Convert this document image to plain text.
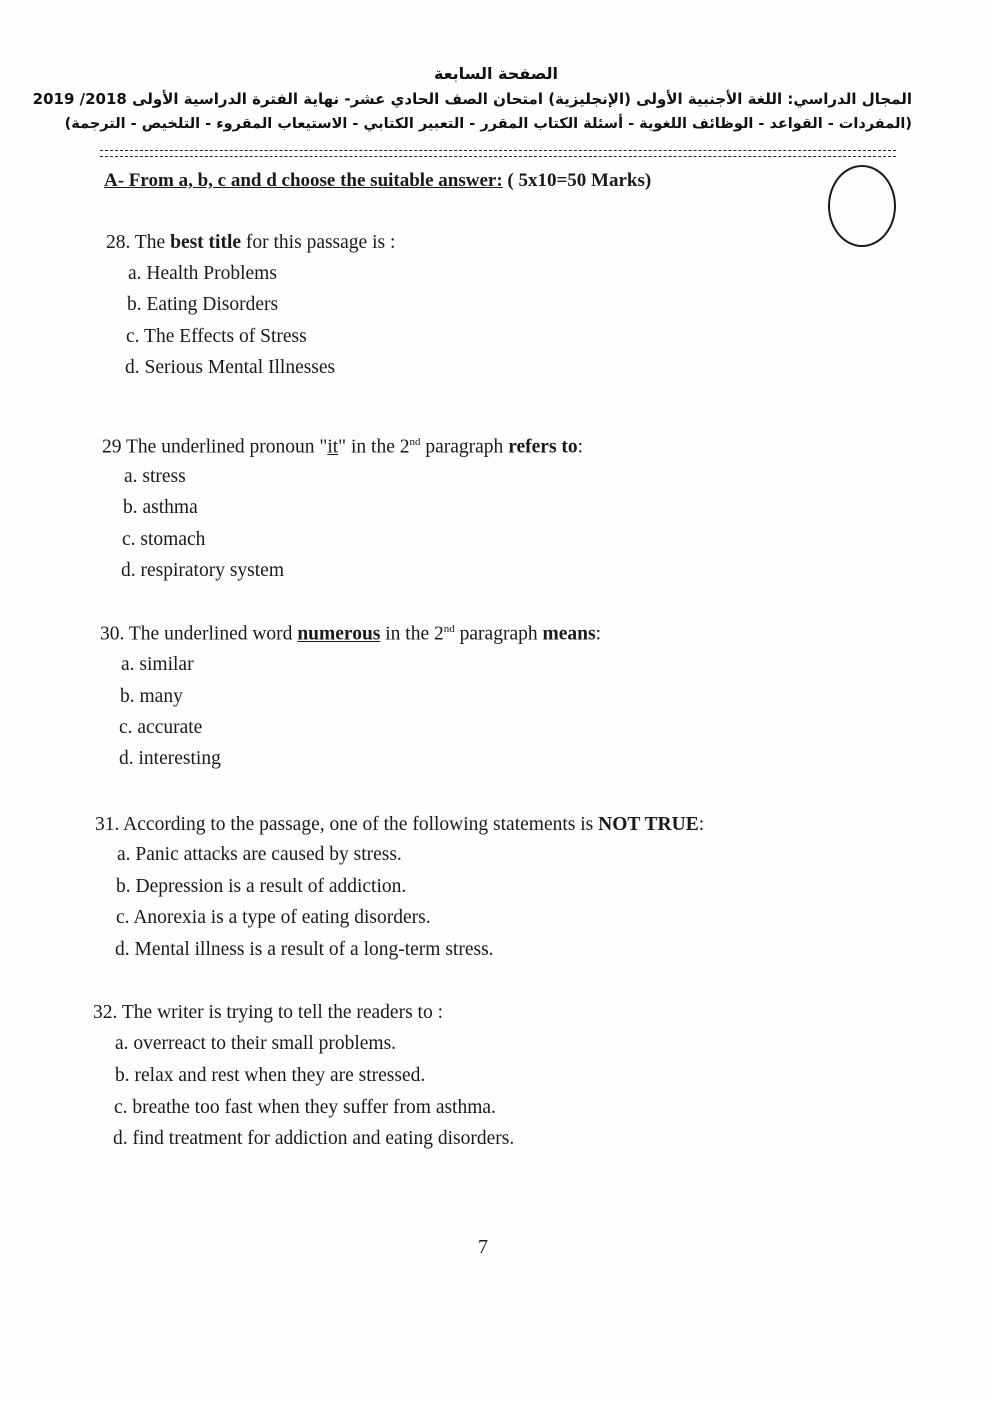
الصفحة السابعة
المجال الدراسي: اللغة الأجنبية الأولى (الإنجليزية) امتحان الصف الحادي عشر- نهاية الفترة الدراسية الأولى 2018/ 2019
(المفردات - القواعد - الوظائف اللغوية - أسئلة الكتاب المقرر - التعبير الكتابي - الاستيعاب المقروء - التلخيص - الترجمة)
A- From a, b, c and d choose the suitable answer: ( 5x10=50 Marks)
28. The best title for this passage is :
a. Health Problems
b. Eating Disorders
c. The Effects of Stress
d. Serious Mental Illnesses
29 The underlined pronoun "it" in the 2nd paragraph refers to:
a. stress
b. asthma
c. stomach
d. respiratory system
30. The underlined word numerous in the 2nd paragraph means:
a. similar
b. many
c. accurate
d. interesting
31. According to the passage, one of the following statements is NOT TRUE:
a. Panic attacks are caused by stress.
b. Depression is a result of addiction.
c. Anorexia is a type of eating disorders.
d. Mental illness is a result of a long-term stress.
32. The writer is trying to tell the readers to :
a. overreact to their small problems.
b. relax and rest when they are stressed.
c. breathe too fast when they suffer from asthma.
d. find treatment for addiction and eating disorders.
7
